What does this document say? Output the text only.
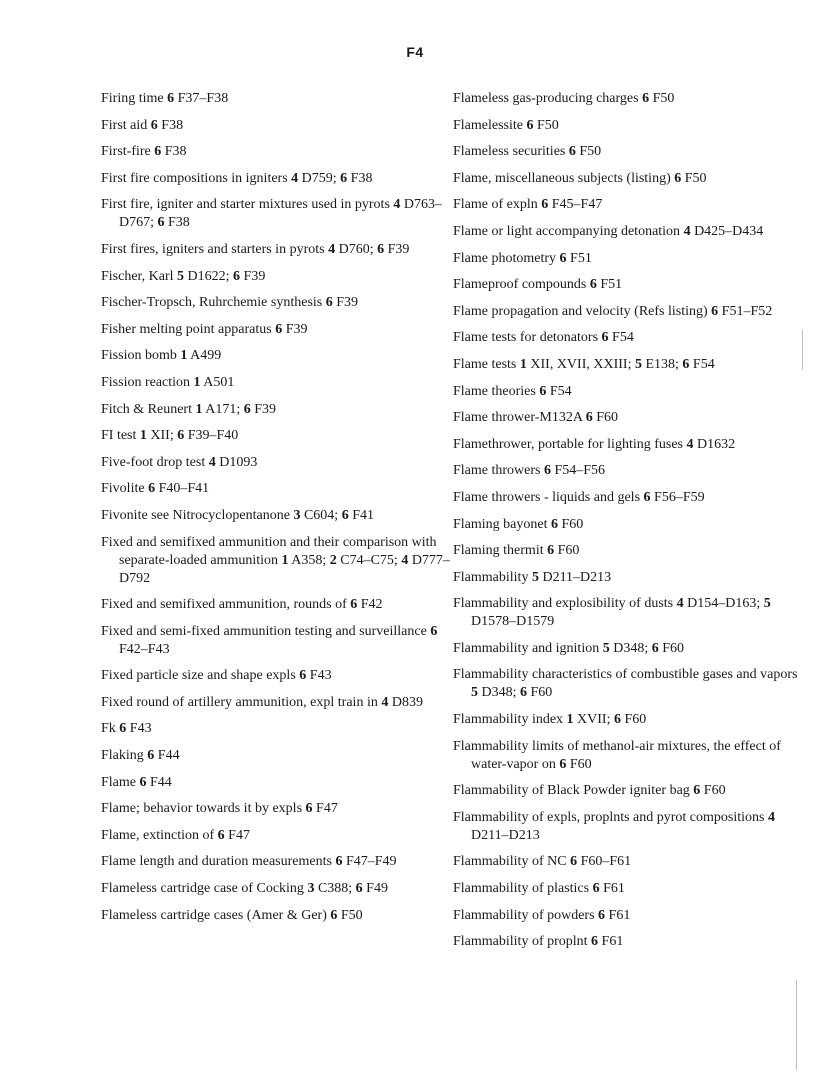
F4
Firing time 6 F37–F38
First aid 6 F38
First-fire 6 F38
First fire compositions in igniters 4 D759; 6 F38
First fire, igniter and starter mixtures used in pyrots 4 D763–D767; 6 F38
First fires, igniters and starters in pyrots 4 D760; 6 F39
Fischer, Karl 5 D1622; 6 F39
Fischer-Tropsch, Ruhrchemie synthesis 6 F39
Fisher melting point apparatus 6 F39
Fission bomb 1 A499
Fission reaction 1 A501
Fitch & Reunert 1 A171; 6 F39
FI test 1 XII; 6 F39–F40
Five-foot drop test 4 D1093
Fivolite 6 F40–F41
Fivonite see Nitrocyclopentanone 3 C604; 6 F41
Fixed and semifixed ammunition and their comparison with separate-loaded ammunition 1 A358; 2 C74–C75; 4 D777–D792
Fixed and semifixed ammunition, rounds of 6 F42
Fixed and semi-fixed ammunition testing and surveillance 6 F42–F43
Fixed particle size and shape expls 6 F43
Fixed round of artillery ammunition, expl train in 4 D839
Fk 6 F43
Flaking 6 F44
Flame 6 F44
Flame; behavior towards it by expls 6 F47
Flame, extinction of 6 F47
Flame length and duration measurements 6 F47–F49
Flameless cartridge case of Cocking 3 C388; 6 F49
Flameless cartridge cases (Amer & Ger) 6 F50
Flameless gas-producing charges 6 F50
Flamelessite 6 F50
Flameless securities 6 F50
Flame, miscellaneous subjects (listing) 6 F50
Flame of expln 6 F45–F47
Flame or light accompanying detonation 4 D425–D434
Flame photometry 6 F51
Flameproof compounds 6 F51
Flame propagation and velocity (Refs listing) 6 F51–F52
Flame tests for detonators 6 F54
Flame tests 1 XII, XVII, XXIII; 5 E138; 6 F54
Flame theories 6 F54
Flame thrower-M132A 6 F60
Flamethrower, portable for lighting fuses 4 D1632
Flame throwers 6 F54–F56
Flame throwers - liquids and gels 6 F56–F59
Flaming bayonet 6 F60
Flaming thermit 6 F60
Flammability 5 D211–D213
Flammability and explosibility of dusts 4 D154–D163; 5 D1578–D1579
Flammability and ignition 5 D348; 6 F60
Flammability characteristics of combustible gases and vapors 5 D348; 6 F60
Flammability index 1 XVII; 6 F60
Flammability limits of methanol-air mixtures, the effect of water-vapor on 6 F60
Flammability of Black Powder igniter bag 6 F60
Flammability of expls, proplnts and pyrot compositions 4 D211–D213
Flammability of NC 6 F60–F61
Flammability of plastics 6 F61
Flammability of powders 6 F61
Flammability of proplnt 6 F61
